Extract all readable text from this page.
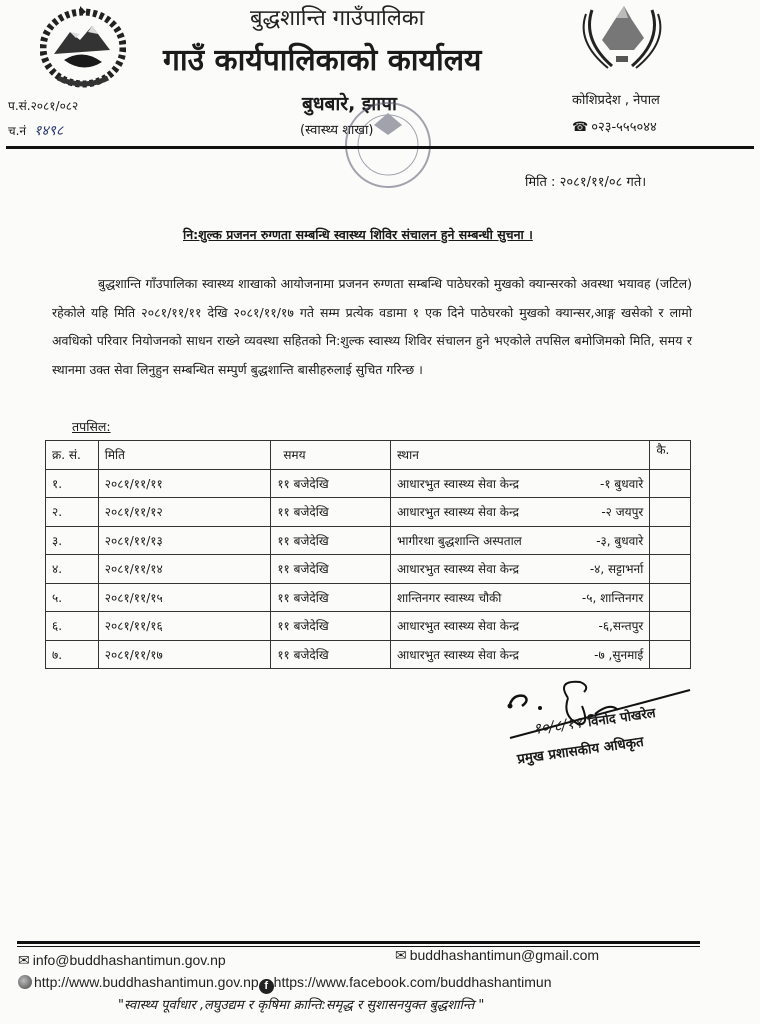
बुद्धशान्ति गाउँपालिका
गाउँ कार्यपालिकाको कार्यालय
बुधबारे, झापा
(स्वास्थ्य शाखा)
प.सं.२०८१/०८२
च.नं १४९८
कोशिप्रदेश , नेपाल
☎ ०२३-५५५०४४
मिति : २०८१/११/०८ गते।
नि:शुल्क प्रजनन रुग्णता सम्बन्धि स्वास्थ्य शिविर संचालन हुने सम्बन्धी सुचना ।
बुद्धशान्ति गाँउपालिका स्वास्थ्य शाखाको आयोजनामा प्रजनन रुग्णता सम्बन्धि पाठेघरको मुखको क्यान्सरको अवस्था भयावह (जटिल) रहेकोले यहि मिति २०८१/११/११ देखि २०८१/११/१७ गते सम्म प्रत्येक वडामा १ एक दिने पाठेघरको मुखको क्यान्सर,आङ्ग खसेको र लामो अवधिको परिवार नियोजनको साधन राख्ने व्यवस्था सहितको नि:शुल्क स्वास्थ्य शिविर संचालन हुने भएकोले तपसिल बमोजिमको मिति, समय र स्थानमा उक्त सेवा लिनुहुन सम्बन्धित सम्पुर्ण बुद्धशान्ति बासीहरुलाई सुचित गरिन्छ ।
तपसिल:
क्र. सं.	मिति	समय	स्थान	कै.
१.	२०८१/११/११	११ बजेदेखि	आधारभुत स्वास्थ्य सेवा केन्द्र -१ बुधवारे	

२.	२०८१/११/१२	११ बजेदेखि	आधारभुत स्वास्थ्य सेवा केन्द्र -२ जयपुर	

३.	२०८१/११/१३	११ बजेदेखि	भागीरथा बुद्धशान्ति अस्पताल -३, बुधवारे	

४.	२०८१/११/१४	११ बजेदेखि	आधारभुत स्वास्थ्य सेवा केन्द्र -४, सट्टाभर्ना	

५.	२०८१/११/१५	११ बजेदेखि	शान्तिनगर स्वास्थ्य चौकी -५, शान्तिनगर	

६.	२०८१/११/१६	११ बजेदेखि	आधारभुत स्वास्थ्य सेवा केन्द्र -६,सन्तपुर	

७.	२०८१/११/१७	११ बजेदेखि	आधारभुत स्वास्थ्य सेवा केन्द्र -७ ,सुनमाई	

१०/८/११ विनोद पोखरेल
प्रमुख प्रशासकीय अधिकृत
✉ info@buddhashantimun.gov.np	✉ buddhashantimun@gmail.com
http://www.buddhashantimun.gov.np f https://www.facebook.com/buddhashantimun
"स्वास्थ्य पूर्वाधार ,लघुउद्यम र कृषिमा क्रान्ति:समृद्ध र सुशासनयुक्त बुद्धशान्ति "
